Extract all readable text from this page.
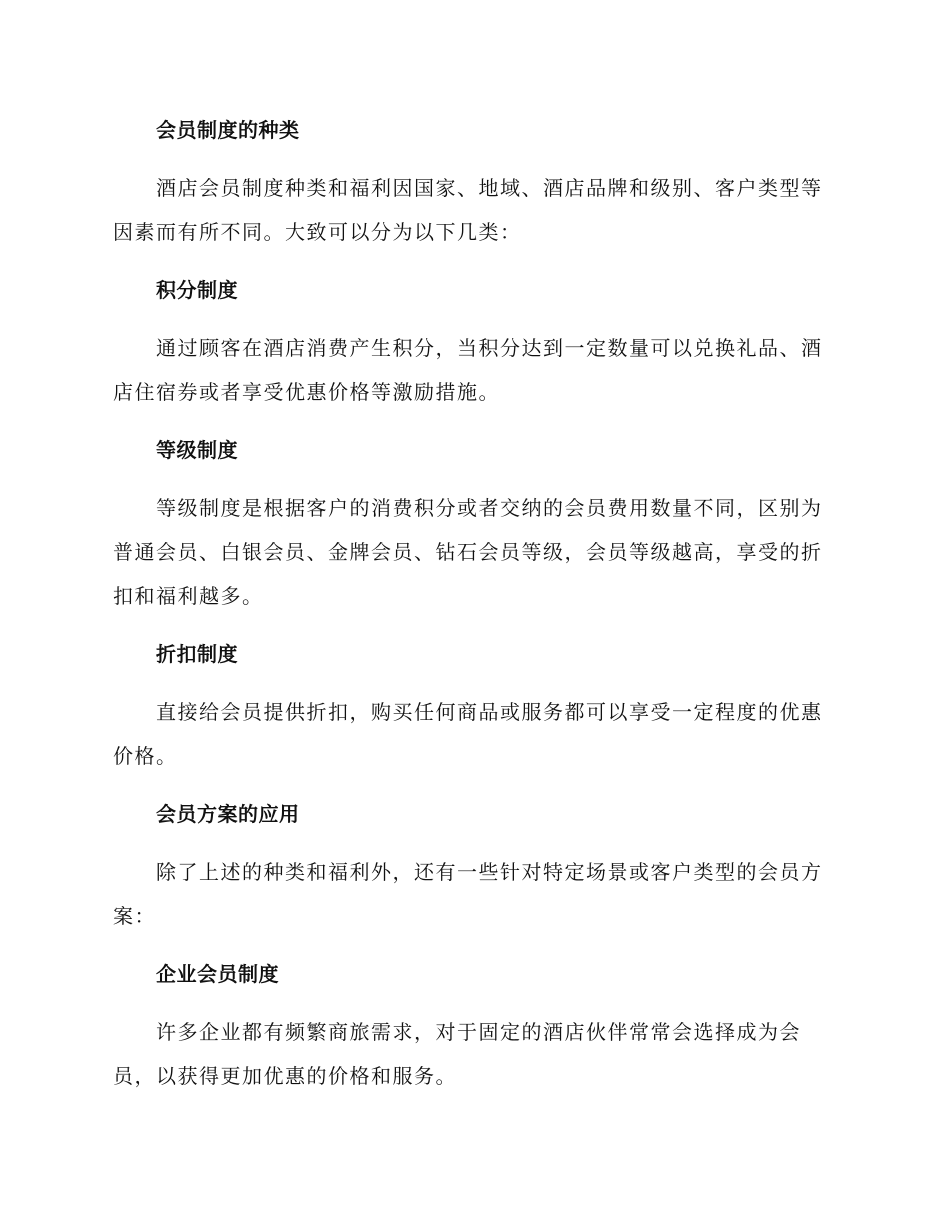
会员制度的种类

酒店会员制度种类和福利因国家、地域、酒店品牌和级别、客户类型等因素而有所不同。大致可以分为以下几类：

积分制度

通过顾客在酒店消费产生积分，当积分达到一定数量可以兑换礼品、酒店住宿券或者享受优惠价格等激励措施。

等级制度

等级制度是根据客户的消费积分或者交纳的会员费用数量不同，区别为普通会员、白银会员、金牌会员、钻石会员等级，会员等级越高，享受的折扣和福利越多。

折扣制度

直接给会员提供折扣，购买任何商品或服务都可以享受一定程度的优惠价格。

会员方案的应用

除了上述的种类和福利外，还有一些针对特定场景或客户类型的会员方案：

企业会员制度

许多企业都有频繁商旅需求，对于固定的酒店伙伴常常会选择成为会员，以获得更加优惠的价格和服务。
